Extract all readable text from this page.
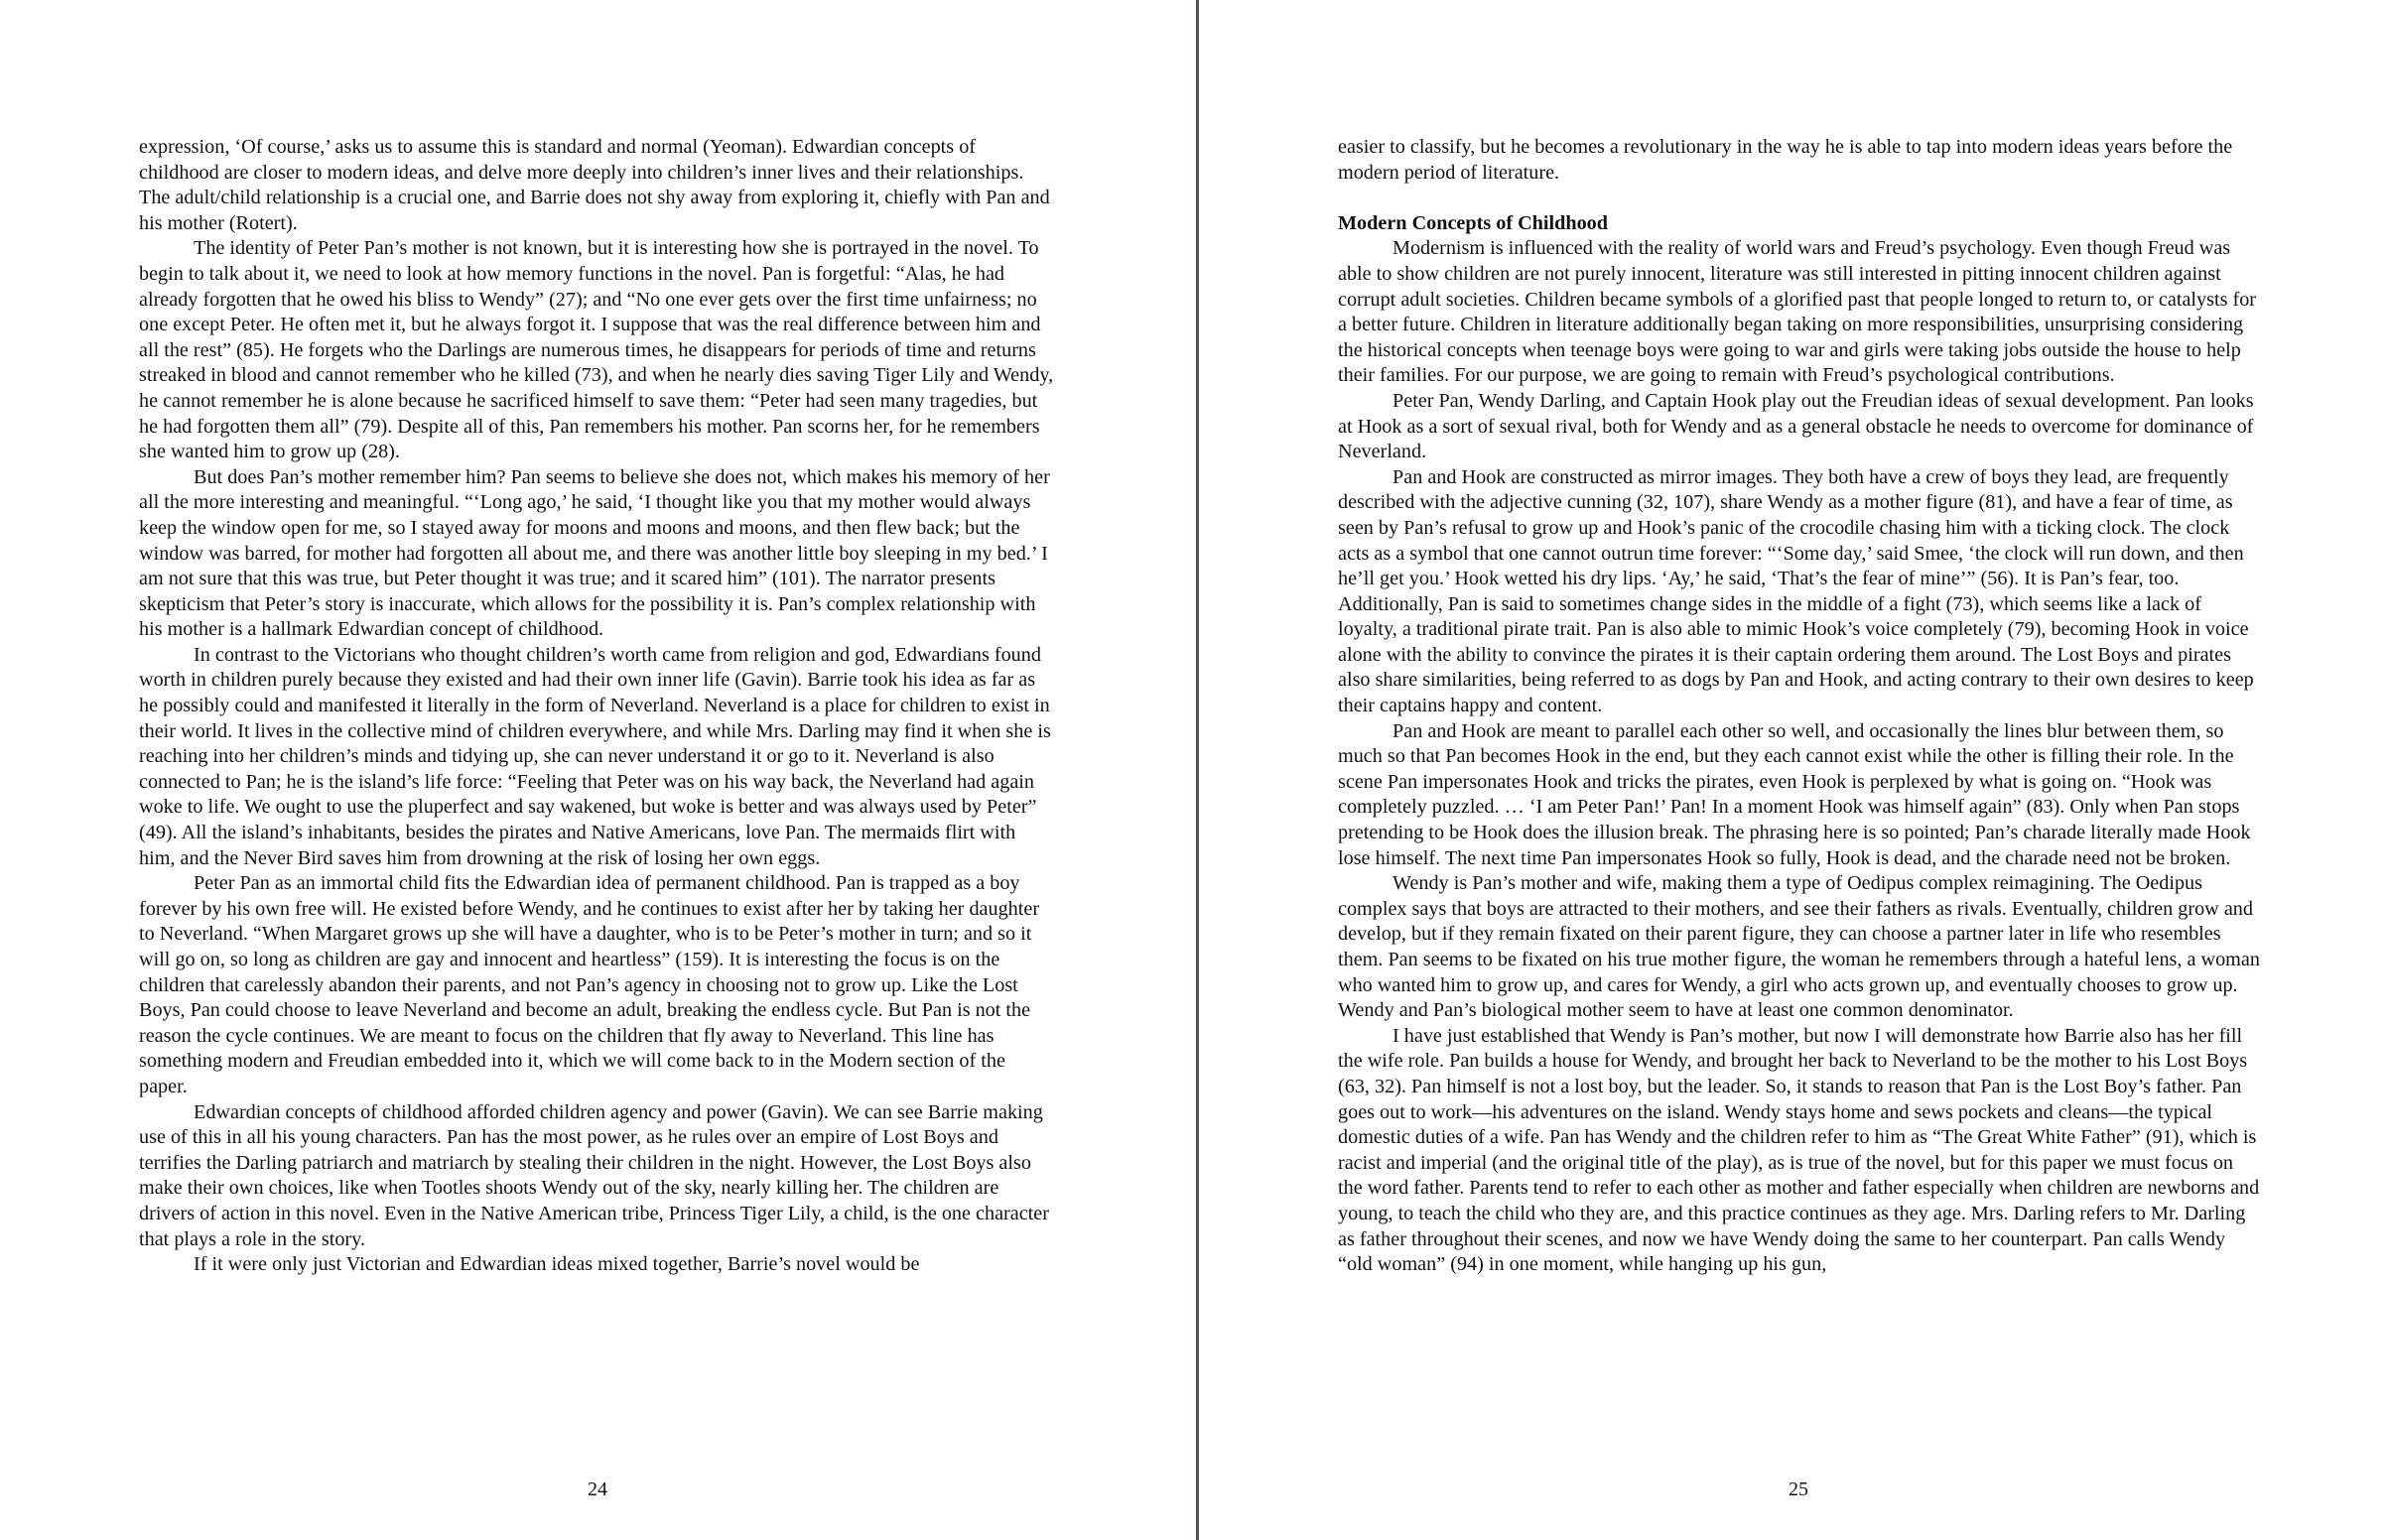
expression, ‘Of course,’ asks us to assume this is standard and normal (Yeoman). Edwardian concepts of childhood are closer to modern ideas, and delve more deeply into children’s inner lives and their relationships. The adult/child relationship is a crucial one, and Barrie does not shy away from exploring it, chiefly with Pan and his mother (Rotert).

The identity of Peter Pan’s mother is not known, but it is interesting how she is portrayed in the novel. To begin to talk about it, we need to look at how memory functions in the novel. Pan is forgetful: “Alas, he had already forgotten that he owed his bliss to Wendy” (27); and “No one ever gets over the first time unfairness; no one except Peter. He often met it, but he always forgot it. I suppose that was the real difference between him and all the rest” (85). He forgets who the Darlings are numerous times, he disappears for periods of time and returns streaked in blood and cannot remember who he killed (73), and when he nearly dies saving Tiger Lily and Wendy, he cannot remember he is alone because he sacrificed himself to save them: “Peter had seen many tragedies, but he had forgotten them all” (79). Despite all of this, Pan remembers his mother. Pan scorns her, for he remembers she wanted him to grow up (28).

But does Pan’s mother remember him? Pan seems to believe she does not, which makes his memory of her all the more interesting and meaningful. “‘Long ago,’ he said, ‘I thought like you that my mother would always keep the window open for me, so I stayed away for moons and moons and moons, and then flew back; but the window was barred, for mother had forgotten all about me, and there was another little boy sleeping in my bed.’ I am not sure that this was true, but Peter thought it was true; and it scared him” (101). The narrator presents skepticism that Peter’s story is inaccurate, which allows for the possibility it is. Pan’s complex relationship with his mother is a hallmark Edwardian concept of childhood.

In contrast to the Victorians who thought children’s worth came from religion and god, Edwardians found worth in children purely because they existed and had their own inner life (Gavin). Barrie took his idea as far as he possibly could and manifested it literally in the form of Neverland. Neverland is a place for children to exist in their world. It lives in the collective mind of children everywhere, and while Mrs. Darling may find it when she is reaching into her children’s minds and tidying up, she can never understand it or go to it. Neverland is also connected to Pan; he is the island’s life force: “Feeling that Peter was on his way back, the Neverland had again woke to life. We ought to use the pluperfect and say wakened, but woke is better and was always used by Peter” (49). All the island’s inhabitants, besides the pirates and Native Americans, love Pan. The mermaids flirt with him, and the Never Bird saves him from drowning at the risk of losing her own eggs.

Peter Pan as an immortal child fits the Edwardian idea of permanent childhood. Pan is trapped as a boy forever by his own free will. He existed before Wendy, and he continues to exist after her by taking her daughter to Neverland. “When Margaret grows up she will have a daughter, who is to be Peter’s mother in turn; and so it will go on, so long as children are gay and innocent and heartless” (159). It is interesting the focus is on the children that carelessly abandon their parents, and not Pan’s agency in choosing not to grow up. Like the Lost Boys, Pan could choose to leave Neverland and become an adult, breaking the endless cycle. But Pan is not the reason the cycle continues. We are meant to focus on the children that fly away to Neverland. This line has something modern and Freudian embedded into it, which we will come back to in the Modern section of the paper.

Edwardian concepts of childhood afforded children agency and power (Gavin). We can see Barrie making use of this in all his young characters. Pan has the most power, as he rules over an empire of Lost Boys and terrifies the Darling patriarch and matriarch by stealing their children in the night. However, the Lost Boys also make their own choices, like when Tootles shoots Wendy out of the sky, nearly killing her. The children are drivers of action in this novel. Even in the Native American tribe, Princess Tiger Lily, a child, is the one character that plays a role in the story.

If it were only just Victorian and Edwardian ideas mixed together, Barrie’s novel would be

easier to classify, but he becomes a revolutionary in the way he is able to tap into modern ideas years before the modern period of literature.

Modern Concepts of Childhood

Modernism is influenced with the reality of world wars and Freud’s psychology. Even though Freud was able to show children are not purely innocent, literature was still interested in pitting innocent children against corrupt adult societies. Children became symbols of a glorified past that people longed to return to, or catalysts for a better future. Children in literature additionally began taking on more responsibilities, unsurprising considering the historical concepts when teenage boys were going to war and girls were taking jobs outside the house to help their families. For our purpose, we are going to remain with Freud’s psychological contributions.

Peter Pan, Wendy Darling, and Captain Hook play out the Freudian ideas of sexual development. Pan looks at Hook as a sort of sexual rival, both for Wendy and as a general obstacle he needs to overcome for dominance of Neverland.

Pan and Hook are constructed as mirror images. They both have a crew of boys they lead, are frequently described with the adjective cunning (32, 107), share Wendy as a mother figure (81), and have a fear of time, as seen by Pan’s refusal to grow up and Hook’s panic of the crocodile chasing him with a ticking clock. The clock acts as a symbol that one cannot outrun time forever: “‘Some day,’ said Smee, ‘the clock will run down, and then he’ll get you.’ Hook wetted his dry lips. ‘Ay,’ he said, ‘That’s the fear of mine’” (56). It is Pan’s fear, too. Additionally, Pan is said to sometimes change sides in the middle of a fight (73), which seems like a lack of loyalty, a traditional pirate trait. Pan is also able to mimic Hook’s voice completely (79), becoming Hook in voice alone with the ability to convince the pirates it is their captain ordering them around. The Lost Boys and pirates also share similarities, being referred to as dogs by Pan and Hook, and acting contrary to their own desires to keep their captains happy and content.

Pan and Hook are meant to parallel each other so well, and occasionally the lines blur between them, so much so that Pan becomes Hook in the end, but they each cannot exist while the other is filling their role. In the scene Pan impersonates Hook and tricks the pirates, even Hook is perplexed by what is going on. “Hook was completely puzzled. … ‘I am Peter Pan!’ Pan! In a moment Hook was himself again” (83). Only when Pan stops pretending to be Hook does the illusion break. The phrasing here is so pointed; Pan’s charade literally made Hook lose himself. The next time Pan impersonates Hook so fully, Hook is dead, and the charade need not be broken.

Wendy is Pan’s mother and wife, making them a type of Oedipus complex reimagining. The Oedipus complex says that boys are attracted to their mothers, and see their fathers as rivals. Eventually, children grow and develop, but if they remain fixated on their parent figure, they can choose a partner later in life who resembles them. Pan seems to be fixated on his true mother figure, the woman he remembers through a hateful lens, a woman who wanted him to grow up, and cares for Wendy, a girl who acts grown up, and eventually chooses to grow up. Wendy and Pan’s biological mother seem to have at least one common denominator.

I have just established that Wendy is Pan’s mother, but now I will demonstrate how Barrie also has her fill the wife role. Pan builds a house for Wendy, and brought her back to Neverland to be the mother to his Lost Boys (63, 32). Pan himself is not a lost boy, but the leader. So, it stands to reason that Pan is the Lost Boy’s father. Pan goes out to work—his adventures on the island. Wendy stays home and sews pockets and cleans—the typical domestic duties of a wife. Pan has Wendy and the children refer to him as “The Great White Father” (91), which is racist and imperial (and the original title of the play), as is true of the novel, but for this paper we must focus on the word father. Parents tend to refer to each other as mother and father especially when children are newborns and young, to teach the child who they are, and this practice continues as they age. Mrs. Darling refers to Mr. Darling as father throughout their scenes, and now we have Wendy doing the same to her counterpart. Pan calls Wendy “old woman” (94) in one moment, while hanging up his gun,

24	25
